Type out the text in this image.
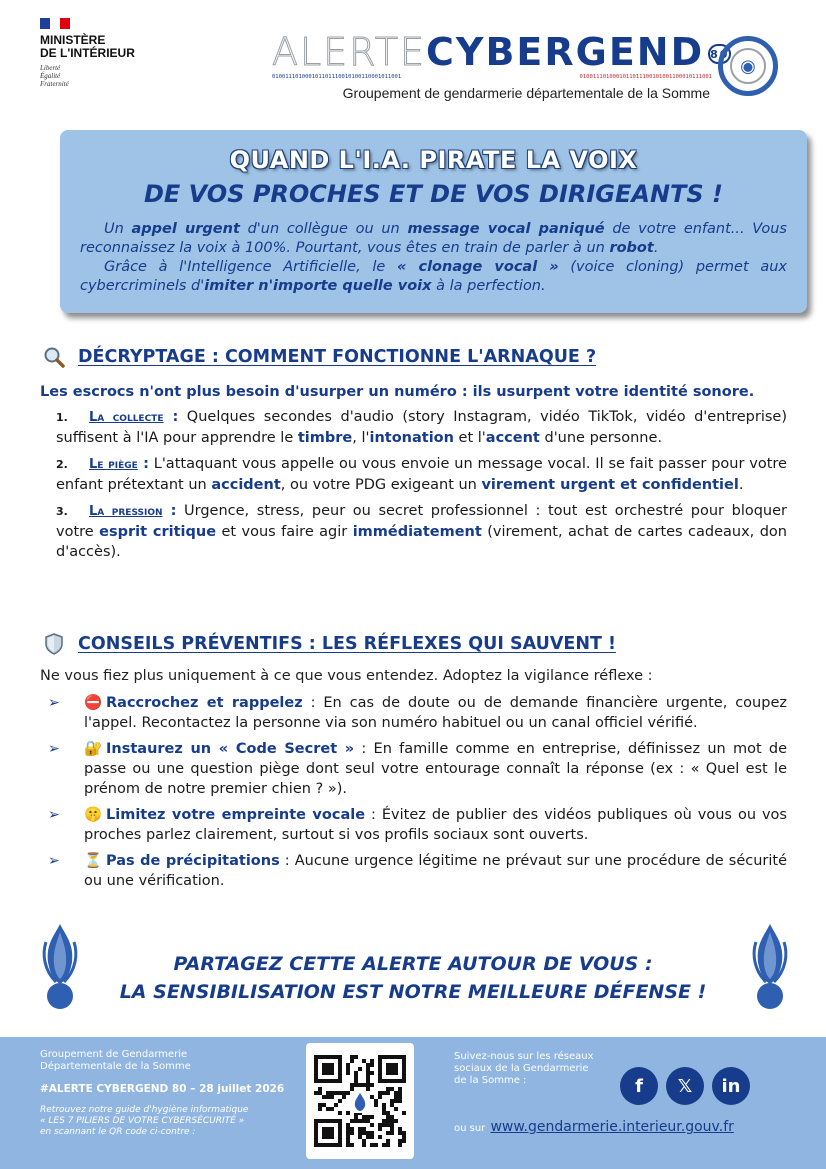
MINISTÈRE
DE L'INTÉRIEUR
Liberté
Égalité
Fraternité
ALERTE CYBERGEND 80
010011101000101101110010100110001011001	0100111010001011011100101001100010111001
Groupement de gendarmerie départementale de la Somme
◉
QUAND L'I.A. PIRATE LA VOIX
DE VOS PROCHES ET DE VOS DIRIGEANTS !

Un appel urgent d'un collègue ou un message vocal paniqué de votre enfant... Vous reconnaissez la voix à 100%. Pourtant, vous êtes en train de parler à un robot.

Grâce à l'Intelligence Artificielle, le « clonage vocal » (voice cloning) permet aux cybercriminels d'imiter n'importe quelle voix à la perfection.

DÉCRYPTAGE : COMMENT FONCTIONNE L'ARNAQUE ?
Les escrocs n'ont plus besoin d'usurper un numéro : ils usurpent votre identité sonore.
1. La collecte : Quelques secondes d'audio (story Instagram, vidéo TikTok, vidéo d'entreprise) suffisent à l'IA pour apprendre le timbre, l'intonation et l'accent d'une personne.
2. Le piège : L'attaquant vous appelle ou vous envoie un message vocal. Il se fait passer pour votre enfant prétextant un accident, ou votre PDG exigeant un virement urgent et confidentiel.
3. La pression : Urgence, stress, peur ou secret professionnel : tout est orchestré pour bloquer votre esprit critique et vous faire agir immédiatement (virement, achat de cartes cadeaux, don d'accès).
CONSEILS PRÉVENTIFS : LES RÉFLEXES QUI SAUVENT !
Ne vous fiez plus uniquement à ce que vous entendez. Adoptez la vigilance réflexe :
➢	⛔ Raccrochez et rappelez : En cas de doute ou de demande financière urgente, coupez l'appel. Recontactez la personne via son numéro habituel ou un canal officiel vérifié.
➢	🔐 Instaurez un « Code Secret » : En famille comme en entreprise, définissez un mot de passe ou une question piège dont seul votre entourage connaît la réponse (ex : « Quel est le prénom de notre premier chien ? »).
➢	🤫 Limitez votre empreinte vocale : Évitez de publier des vidéos publiques où vous ou vos proches parlez clairement, surtout si vos profils sociaux sont ouverts.
➢	⏳ Pas de précipitations : Aucune urgence légitime ne prévaut sur une procédure de sécurité ou une vérification.
PARTAGEZ CETTE ALERTE AUTOUR DE VOUS :
LA SENSIBILISATION EST NOTRE MEILLEURE DÉFENSE !
Groupement de Gendarmerie
Départementale de la Somme
#ALERTE CYBERGEND 80 – 28 juillet 2026
Retrouvez notre guide d'hygiène informatique
« LES 7 PILIERS DE VOTRE CYBERSÉCURITÉ »
en scannant le QR code ci-contre :
Suivez-nous sur les réseaux
sociaux de la Gendarmerie
de la Somme :	f	𝕏	in
ou sur www.gendarmerie.interieur.gouv.fr
